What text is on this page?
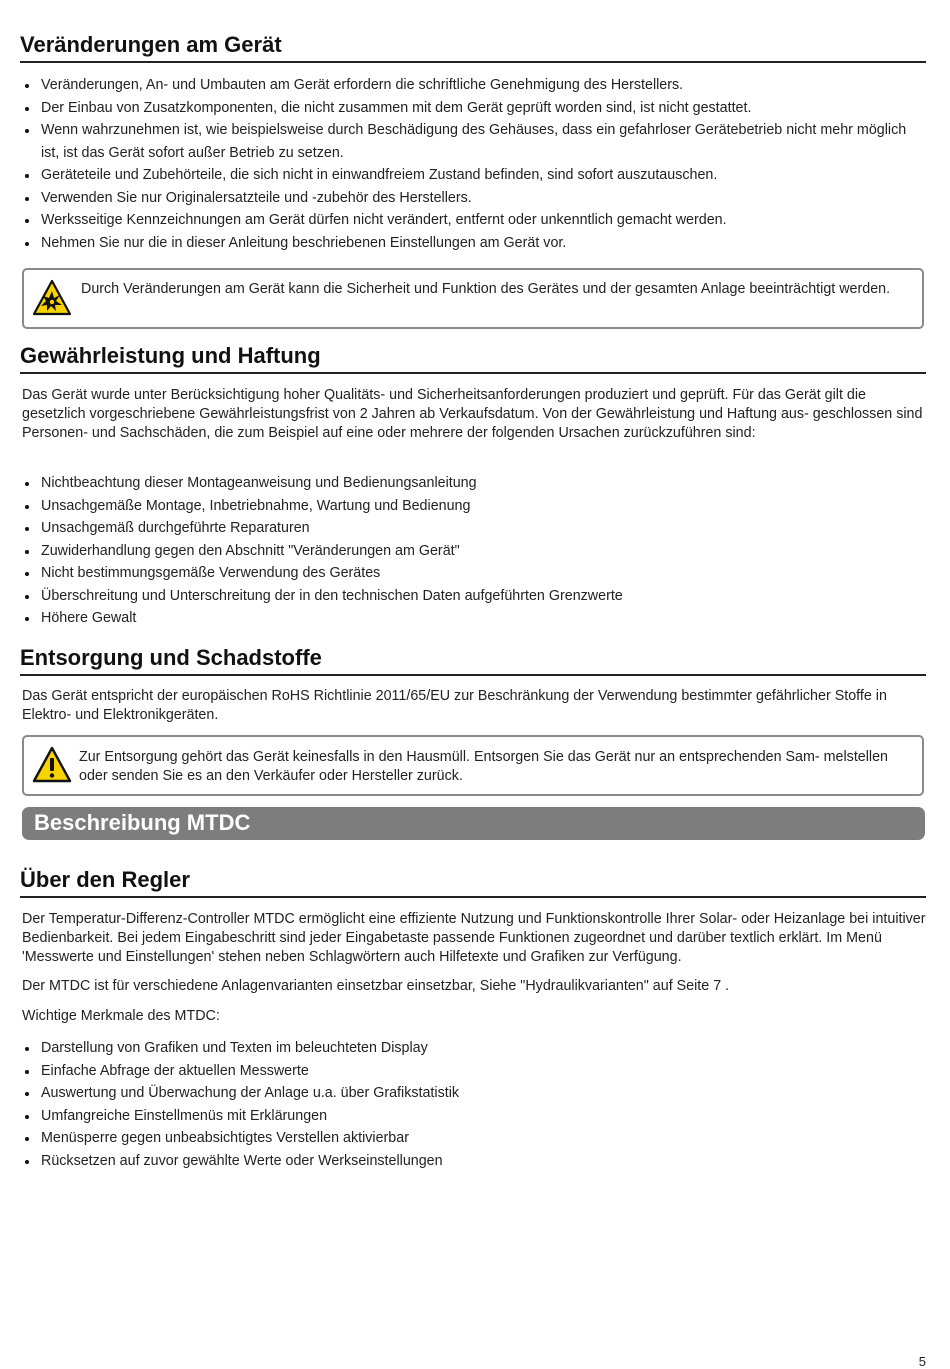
Veränderungen am Gerät
Veränderungen, An- und Umbauten am Gerät erfordern die schriftliche Genehmigung des Herstellers.
Der Einbau von Zusatzkomponenten, die nicht zusammen mit dem Gerät geprüft worden sind, ist nicht gestattet.
Wenn wahrzunehmen ist, wie beispielsweise durch Beschädigung des Gehäuses, dass ein gefahrloser Gerätebetrieb nicht mehr möglich ist, ist das Gerät sofort außer Betrieb zu setzen.
Geräteteile und Zubehörteile, die sich nicht in einwandfreiem Zustand befinden, sind sofort auszutauschen.
Verwenden Sie nur Originalersatzteile und -zubehör des Herstellers.
Werksseitige Kennzeichnungen am Gerät dürfen nicht verändert, entfernt oder unkenntlich gemacht werden.
Nehmen Sie nur die in dieser Anleitung beschriebenen Einstellungen am Gerät vor.
Durch Veränderungen am Gerät kann die Sicherheit und Funktion des Gerätes und der gesamten Anlage beeinträchtigt werden.
Gewährleistung und Haftung

Das Gerät wurde unter Berücksichtigung hoher Qualitäts- und Sicherheitsanforderungen produziert und geprüft. Für das Gerät gilt die gesetzlich vorgeschriebene Gewährleistungsfrist von 2 Jahren ab Verkaufsdatum. Von der Gewährleistung und Haftung aus- geschlossen sind Personen- und Sachschäden, die zum Beispiel auf eine oder mehrere der folgenden Ursachen zurückzuführen sind:

Nichtbeachtung dieser Montageanweisung und Bedienungsanleitung
Unsachgemäße Montage, Inbetriebnahme, Wartung und Bedienung
Unsachgemäß durchgeführte Reparaturen
Zuwiderhandlung gegen den Abschnitt "Veränderungen am Gerät"
Nicht bestimmungsgemäße Verwendung des Gerätes
Überschreitung und Unterschreitung der in den technischen Daten aufgeführten Grenzwerte
Höhere Gewalt
Entsorgung und Schadstoffe

Das Gerät entspricht der europäischen RoHS Richtlinie 2011/65/EU zur Beschränkung der Verwendung bestimmter gefährlicher Stoffe in Elektro- und Elektronikgeräten.

Zur Entsorgung gehört das Gerät keinesfalls in den Hausmüll. Entsorgen Sie das Gerät nur an entsprechenden Sam- melstellen oder senden Sie es an den Verkäufer oder Hersteller zurück.
Beschreibung MTDC
Über den Regler

Der Temperatur-Differenz-Controller MTDC ermöglicht eine effiziente Nutzung und Funktionskontrolle Ihrer Solar- oder Heizanlage bei intuitiver Bedienbarkeit. Bei jedem Eingabeschritt sind jeder Eingabetaste passende Funktionen zugeordnet und darüber textlich erklärt. Im Menü 'Messwerte und Einstellungen' stehen neben Schlagwörtern auch Hilfetexte und Grafiken zur Verfügung.

Der MTDC ist für verschiedene Anlagenvarianten einsetzbar einsetzbar, Siehe "Hydraulikvarianten" auf Seite 7 .

Wichtige Merkmale des MTDC:

Darstellung von Grafiken und Texten im beleuchteten Display
Einfache Abfrage der aktuellen Messwerte
Auswertung und Überwachung der Anlage u.a. über Grafikstatistik
Umfangreiche Einstellmenüs mit Erklärungen
Menüsperre gegen unbeabsichtigtes Verstellen aktivierbar
Rücksetzen auf zuvor gewählte Werte oder Werkseinstellungen
5
